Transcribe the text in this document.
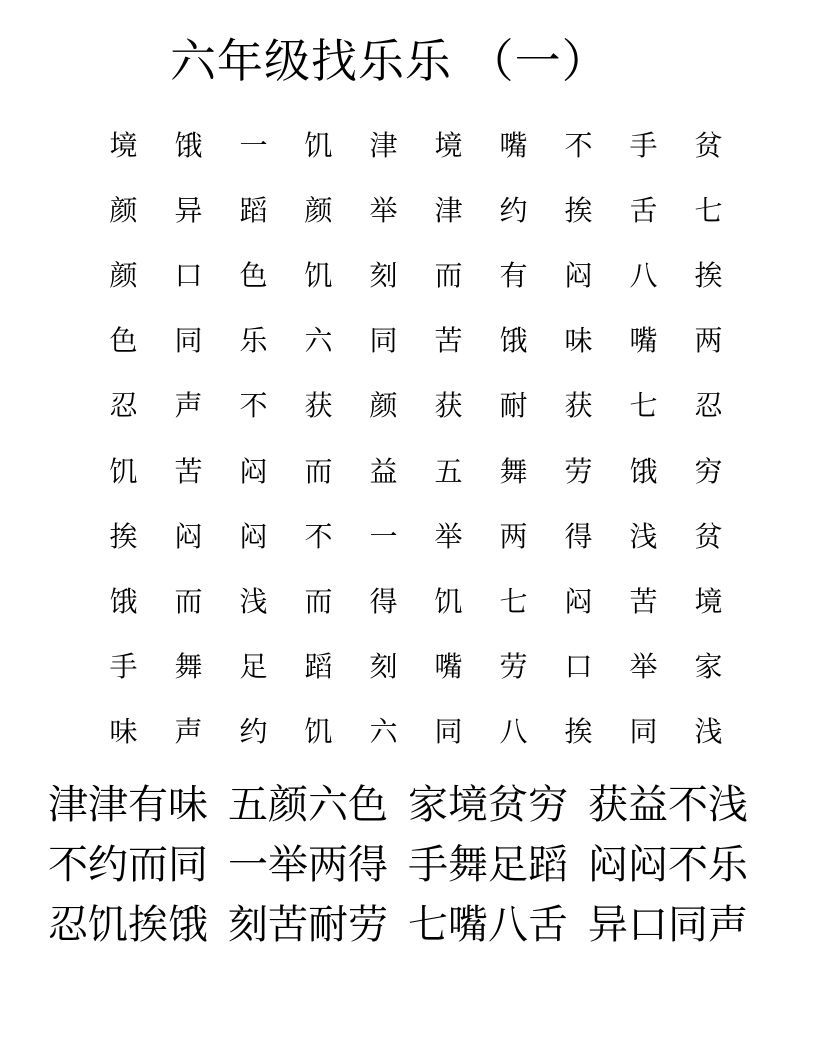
六年级找乐乐 （一）
境	饿	一	饥	津	境	嘴	不	手	贫
颜	异	蹈	颜	举	津	约	挨	舌	七
颜	口	色	饥	刻	而	有	闷	八	挨
色	同	乐	六	同	苦	饿	味	嘴	两
忍	声	不	获	颜	获	耐	获	七	忍
饥	苦	闷	而	益	五	舞	劳	饿	穷
挨	闷	闷	不	一	举	两	得	浅	贫
饿	而	浅	而	得	饥	七	闷	苦	境
手	舞	足	蹈	刻	嘴	劳	口	举	家
味	声	约	饥	六	同	八	挨	同	浅
津津有味 五颜六色 家境贫穷 获益不浅
不约而同 一举两得 手舞足蹈 闷闷不乐
忍饥挨饿 刻苦耐劳 七嘴八舌 异口同声
